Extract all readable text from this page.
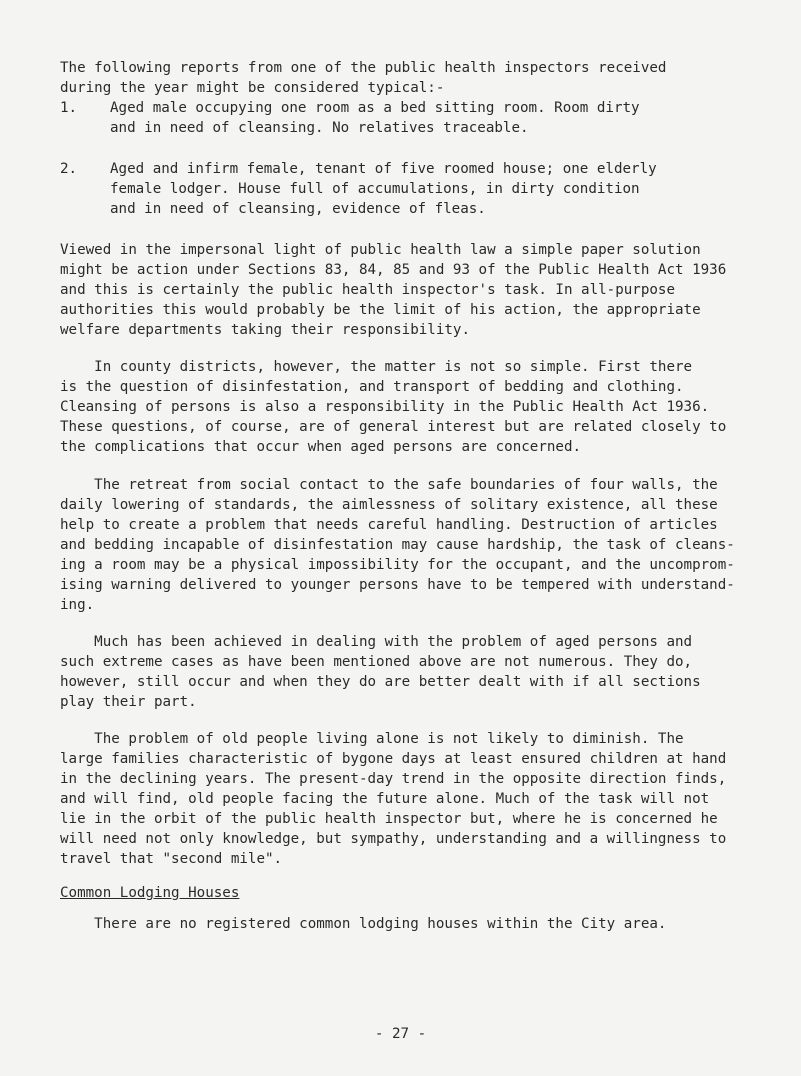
The following reports from one of the public health inspectors received
during the year might be considered typical:-
1. Aged male occupying one room as a bed sitting room. Room dirty
and in need of cleansing. No relatives traceable.
2. Aged and infirm female, tenant of five roomed house; one elderly
female lodger. House full of accumulations, in dirty condition
and in need of cleansing, evidence of fleas.
Viewed in the impersonal light of public health law a simple paper solution
might be action under Sections 83, 84, 85 and 93 of the Public Health Act 1936
and this is certainly the public health inspector's task. In all-purpose
authorities this would probably be the limit of his action, the appropriate
welfare departments taking their responsibility.
In county districts, however, the matter is not so simple. First there
is the question of disinfestation, and transport of bedding and clothing.
Cleansing of persons is also a responsibility in the Public Health Act 1936.
These questions, of course, are of general interest but are related closely to
the complications that occur when aged persons are concerned.
The retreat from social contact to the safe boundaries of four walls, the
daily lowering of standards, the aimlessness of solitary existence, all these
help to create a problem that needs careful handling. Destruction of articles
and bedding incapable of disinfestation may cause hardship, the task of cleans-
ing a room may be a physical impossibility for the occupant, and the uncomprom-
ising warning delivered to younger persons have to be tempered with understand-
ing.
Much has been achieved in dealing with the problem of aged persons and
such extreme cases as have been mentioned above are not numerous. They do,
however, still occur and when they do are better dealt with if all sections
play their part.
The problem of old people living alone is not likely to diminish. The
large families characteristic of bygone days at least ensured children at hand
in the declining years. The present-day trend in the opposite direction finds,
and will find, old people facing the future alone. Much of the task will not
lie in the orbit of the public health inspector but, where he is concerned he
will need not only knowledge, but sympathy, understanding and a willingness to
travel that "second mile".
Common Lodging Houses
There are no registered common lodging houses within the City area.
- 27 -
